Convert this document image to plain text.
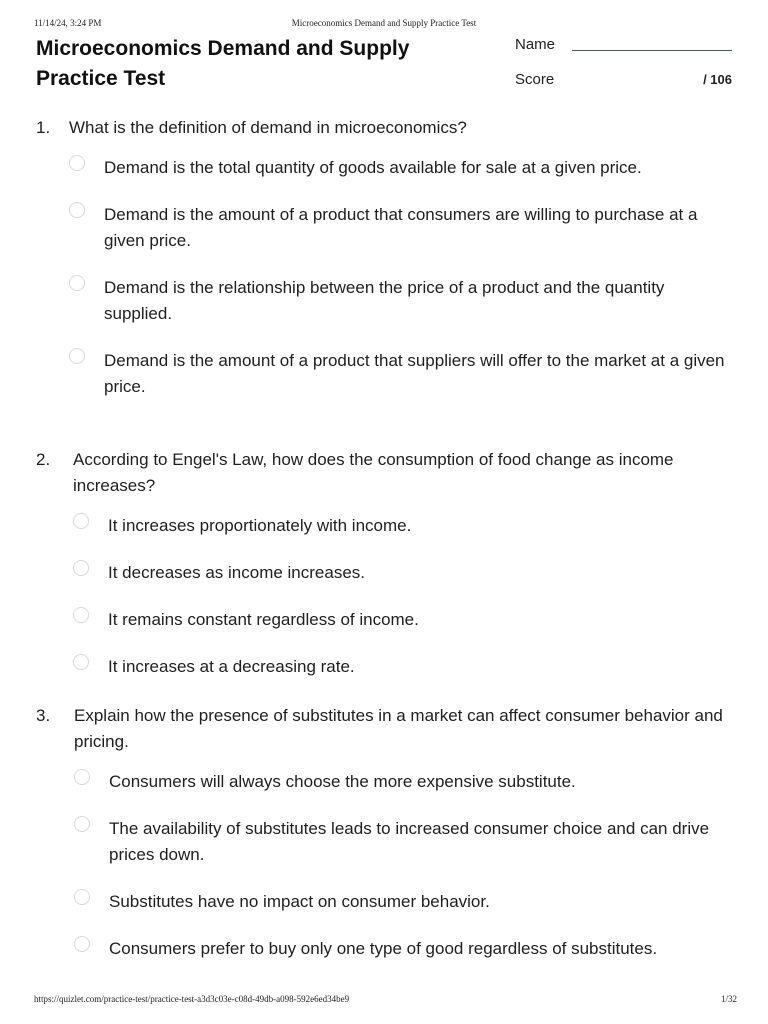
11/14/24, 3:24 PM	Microeconomics Demand and Supply Practice Test
Microeconomics Demand and Supply Practice Test
Name
Score	/ 106
1. What is the definition of demand in microeconomics?

Demand is the total quantity of goods available for sale at a given price.
Demand is the amount of a product that consumers are willing to purchase at a given price.
Demand is the relationship between the price of a product and the quantity supplied.
Demand is the amount of a product that suppliers will offer to the market at a given price.
2. According to Engel's Law, how does the consumption of food change as income increases?

It increases proportionately with income.
It decreases as income increases.
It remains constant regardless of income.
It increases at a decreasing rate.
3. Explain how the presence of substitutes in a market can affect consumer behavior and pricing.

Consumers will always choose the more expensive substitute.
The availability of substitutes leads to increased consumer choice and can drive prices down.
Substitutes have no impact on consumer behavior.
Consumers prefer to buy only one type of good regardless of substitutes.
https://quizlet.com/practice-test/practice-test-a3d3c03e-c08d-49db-a098-592e6ed34be9	1/32
